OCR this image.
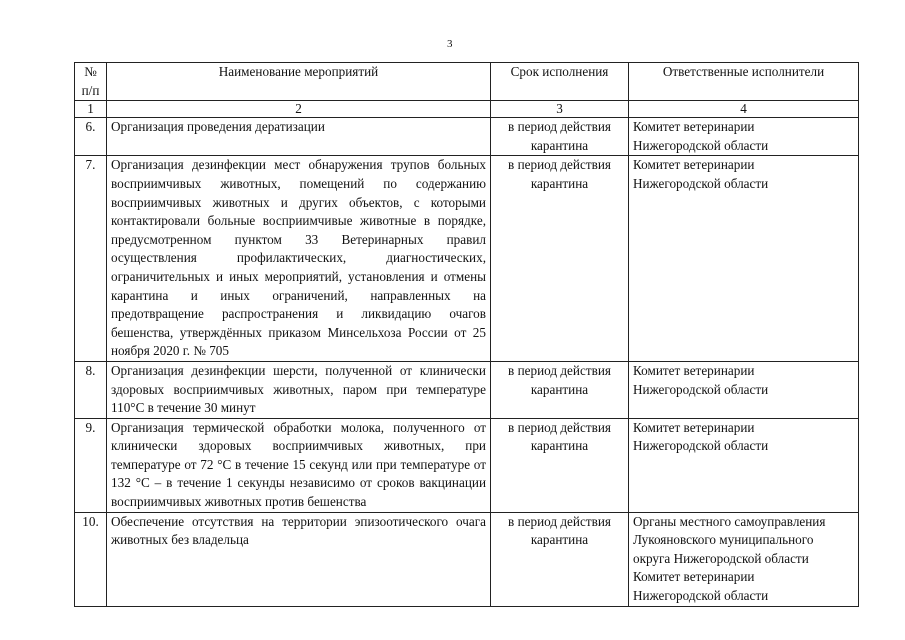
3
№ п/п	Наименование мероприятий	Срок исполнения	Ответственные исполнители
1	2	3	4
6.	Организация проведения дератизации	в период действия карантина	Комитет ветеринарии
Нижегородской области

7.	Организация дезинфекции мест обнаружения трупов больных восприимчивых животных, помещений по содержанию восприимчивых животных и других объектов, с которыми контактировали больные восприимчивые животные в порядке, предусмотренном пунктом 33 Ветеринарных правил осуществления профилактических, диагностических, ограничительных и иных мероприятий, установления и отмены карантина и иных ограничений, направленных на предотвращение распространения и ликвидацию очагов бешенства, утверждённых приказом Минсельхоза России от 25 ноября 2020 г. № 705	в период действия карантина	Комитет ветеринарии
Нижегородской области

8.	Организация дезинфекции шерсти, полученной от клинически здоровых восприимчивых животных, паром при температуре 110°С в течение 30 минут	в период действия карантина	Комитет ветеринарии
Нижегородской области

9.	Организация термической обработки молока, полученного от клинически здоровых восприимчивых животных, при температуре от 72 °С в течение 15 секунд или при температуре от 132 °С – в течение 1 секунды независимо от сроков вакцинации восприимчивых животных против бешенства	в период действия карантина	Комитет ветеринарии
Нижегородской области

10.	Обеспечение отсутствия на территории эпизоотического очага животных без владельца	в период действия карантина	Органы местного самоуправления
Лукояновского муниципального
округа Нижегородской области
Комитет ветеринарии
Нижегородской области
